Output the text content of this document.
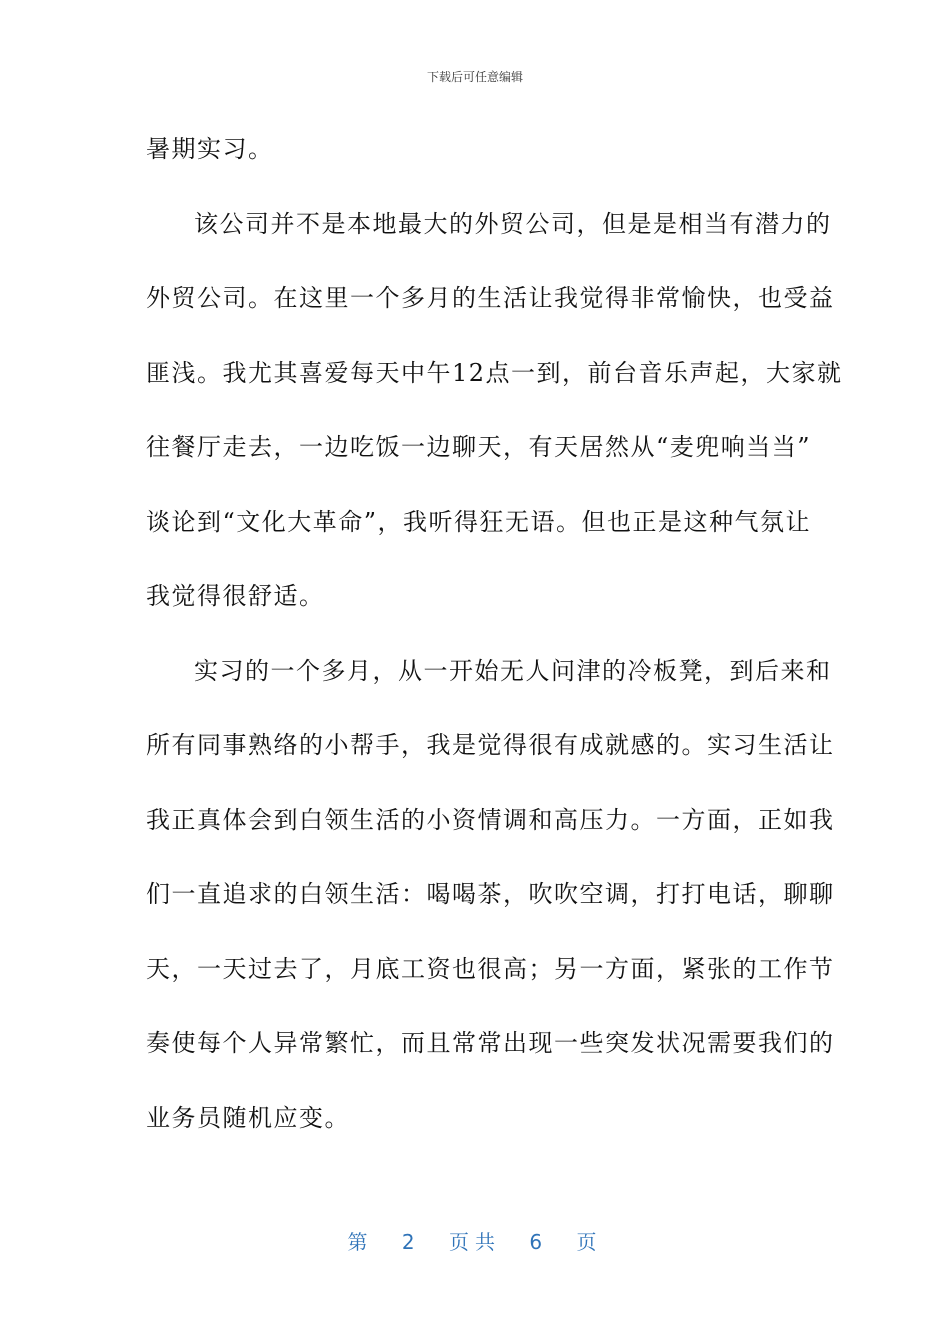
下载后可任意编辑
暑期实习。
该公司并不是本地最大的外贸公司，但是是相当有潜力的
外贸公司。在这里一个多月的生活让我觉得非常愉快，也受益
匪浅。我尤其喜爱每天中午12点一到，前台音乐声起，大家就
往餐厅走去，一边吃饭一边聊天，有天居然从“麦兜响当当”
谈论到“文化大革命”，我听得狂无语。但也正是这种气氛让
我觉得很舒适。
实习的一个多月，从一开始无人问津的冷板凳，到后来和
所有同事熟络的小帮手，我是觉得很有成就感的。实习生活让
我正真体会到白领生活的小资情调和高压力。一方面，正如我
们一直追求的白领生活：喝喝茶，吹吹空调，打打电话，聊聊
天，一天过去了，月底工资也很高；另一方面，紧张的工作节
奏使每个人异常繁忙，而且常常出现一些突发状况需要我们的
业务员随机应变。
第 2 页共 6 页
